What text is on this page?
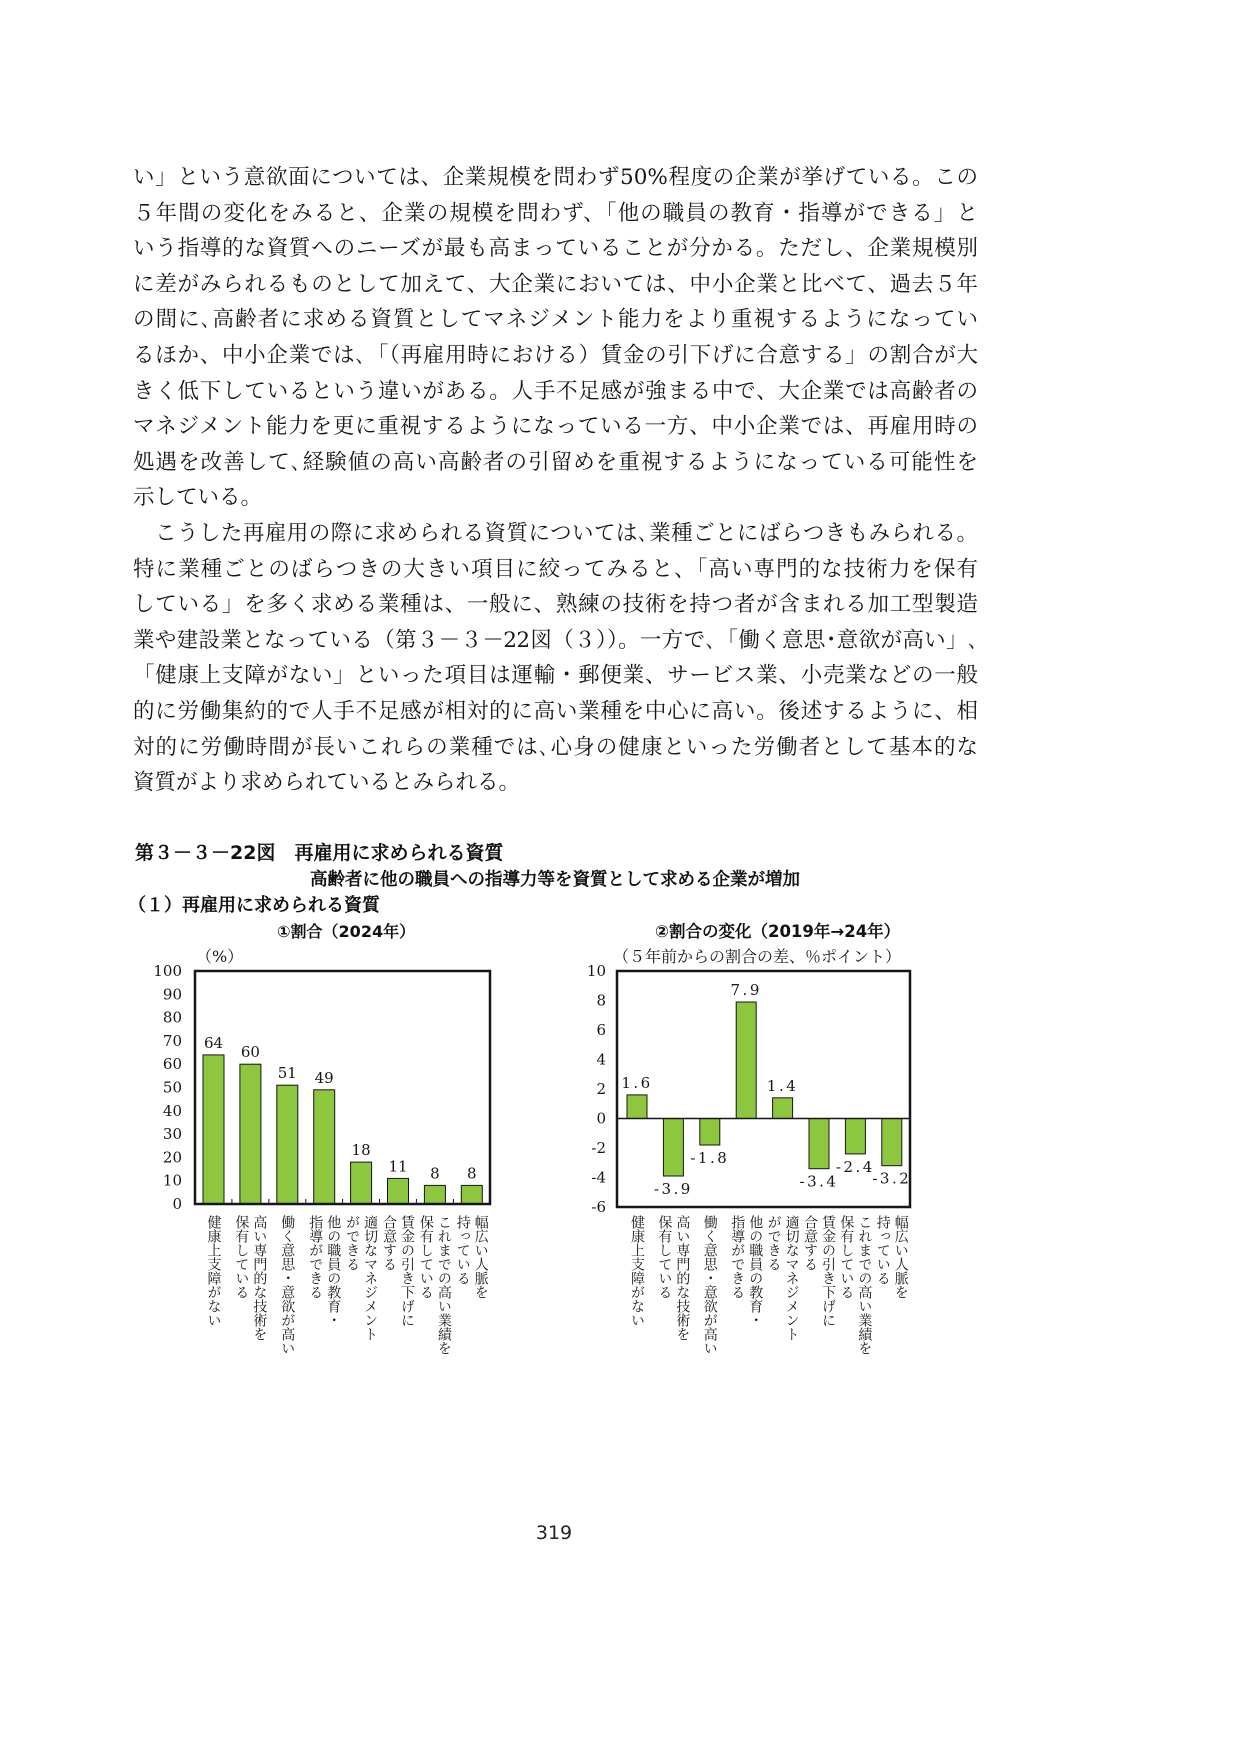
い」という意欲面については、企業規模を問わず50%程度の企業が挙げている。この
５年間の変化をみると、企業の規模を問わず、「他の職員の教育・指導ができる」と
いう指導的な資質へのニーズが最も高まっていることが分かる。ただし、企業規模別
に差がみられるものとして加えて、大企業においては、中小企業と比べて、過去５年
の間に､高齢者に求める資質としてマネジメント能力をより重視するようになってい
るほか、中小企業では､「（再雇用時における）賃金の引下げに合意する」の割合が大
きく低下しているという違いがある。人手不足感が強まる中で、大企業では高齢者の
マネジメント能力を更に重視するようになっている一方、中小企業では、再雇用時の
処遇を改善して､経験値の高い高齢者の引留めを重視するようになっている可能性を
示している。
　こうした再雇用の際に求められる資質については､業種ごとにばらつきもみられる。
特に業種ごとのばらつきの大きい項目に絞ってみると、「高い専門的な技術力を保有
している」を多く求める業種は、一般に、熟練の技術を持つ者が含まれる加工型製造
業や建設業となっている（第３－３－22図（３））。一方で､「働く意思･意欲が高い」､
「健康上支障がない」といった項目は運輸・郵便業、サービス業、小売業などの一般
的に労働集約的で人手不足感が相対的に高い業種を中心に高い。後述するように、相
対的に労働時間が長いこれらの業種では､心身の健康といった労働者として基本的な
資質がより求められているとみられる。
第３－３－22図　再雇用に求められる資質
高齢者に他の職員への指導力等を資質として求める企業が増加
（１）再雇用に求められる資質
①割合（2024年）	②割合の変化（2019年→24年）
（%）	（５年前からの割合の差、％ポイント）
100
90
80
70
60
50
40
30
20
10
0
64
60
51 49
18
11 8 8
10
8
6
4
2
0
-2
-4
-6
1.6
-3.9
-1.8
7.9
1.4
-3.4
-2.4
-3.2
健康上支障がない 高い専門的な技術を
保有している 働く意思・意欲が高い 他の職員の教育・
指導ができる	適切なマネジメント
ができる	賃金の引き下げに
合意する	これまでの高い業績を
保有している	幅広い人脈を
持っている	健康上支障がない 高い専門的な技術を
保有している 働く意思・意欲が高い 他の職員の教育・
指導ができる	適切なマネジメント
ができる	賃金の引き下げに
合意する	これまでの高い業績を
保有している	幅広い人脈を
持っている
319
